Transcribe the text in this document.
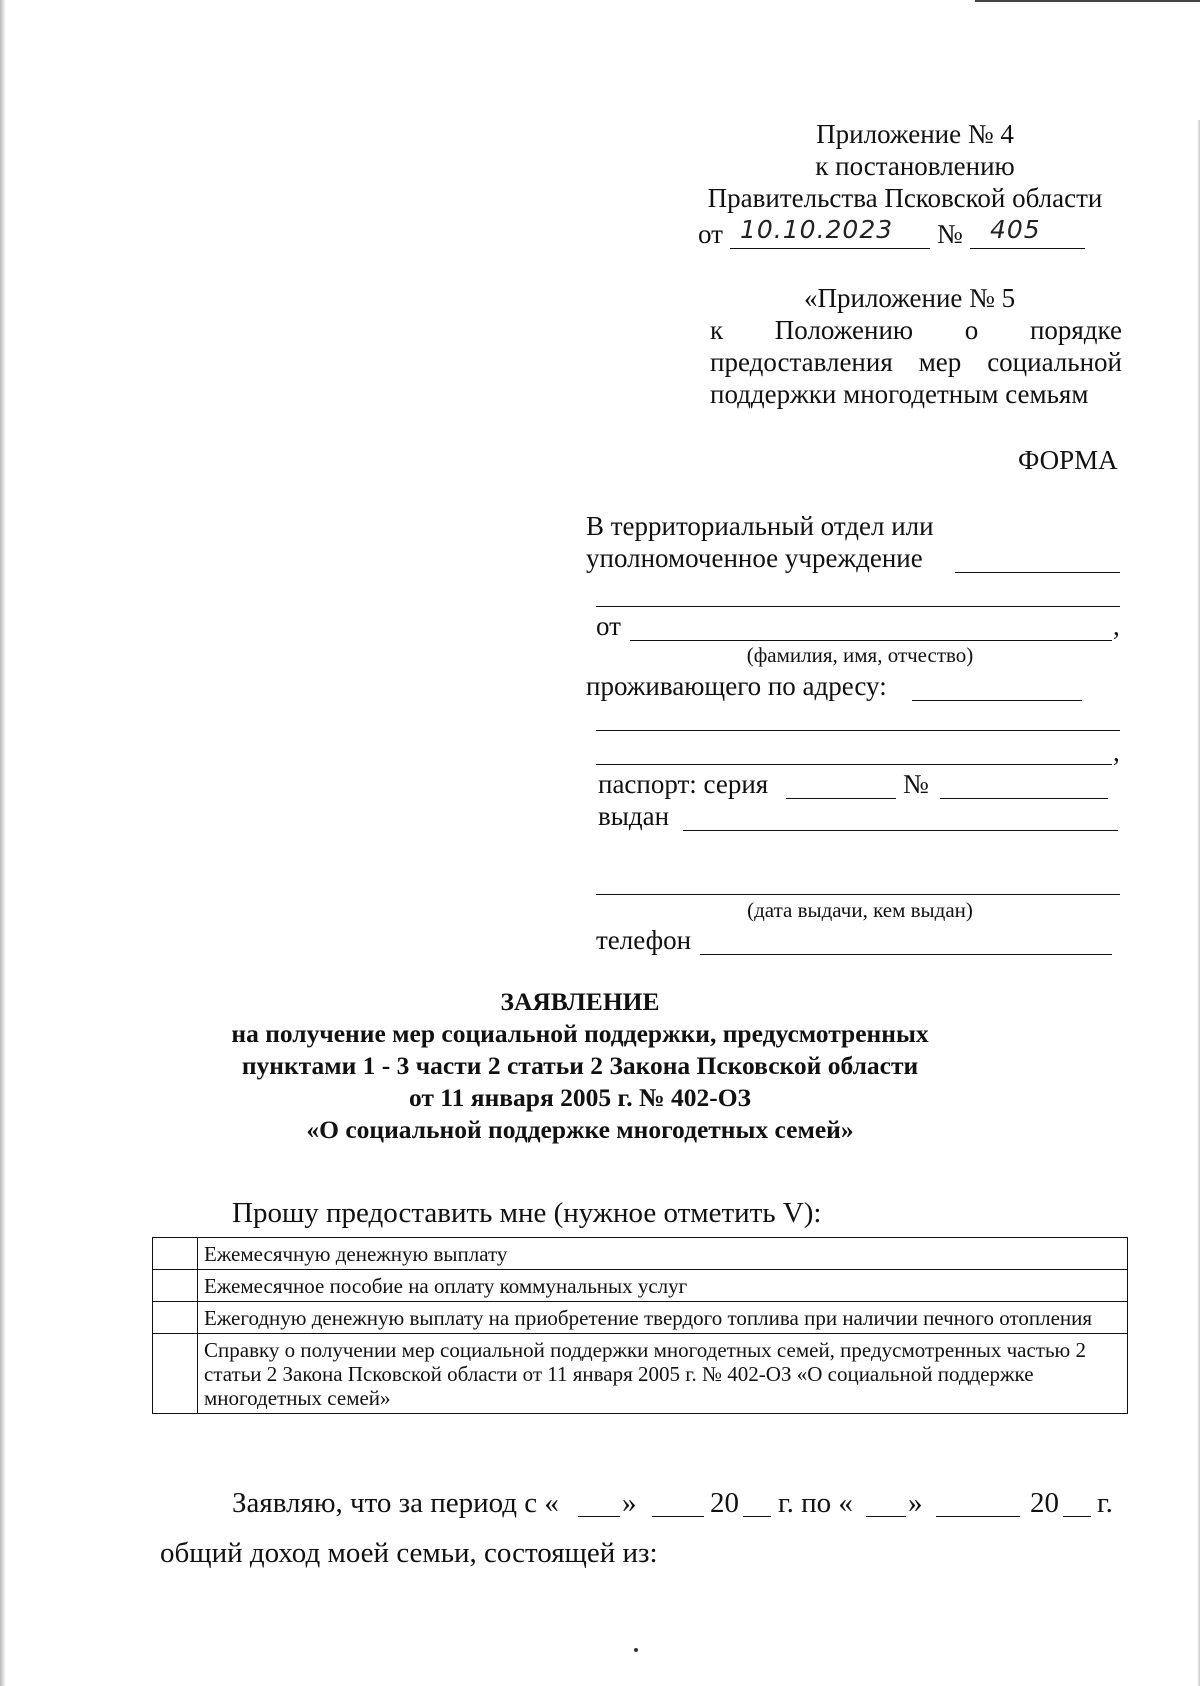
Приложение № 4
к постановлению
Правительства Псковской области
от 10.10.2023 № 405
«Приложение № 5
к Положению о порядке
предоставления мер социальной
поддержки многодетным семьям
ФОРМА
В территориальный отдел или
уполномоченное учреждение
от	,
(фамилия, имя, отчество)
проживающего по адресу:
,
паспорт: серия	№
выдан
(дата выдачи, кем выдан)
телефон
ЗАЯВЛЕНИЕ
на получение мер социальной поддержки, предусмотренных
пунктами 1 - 3 части 2 статьи 2 Закона Псковской области
от 11 января 2005 г. № 402-ОЗ
«О социальной поддержке многодетных семей»
Прошу предоставить мне (нужное отметить V):
	Ежемесячную денежную выплату
	Ежемесячное пособие на оплату коммунальных услуг
	Ежегодную денежную выплату на приобретение твердого топлива при наличии печного отопления
	Справку о получении мер социальной поддержки многодетных семей, предусмотренных частью 2 статьи 2 Закона Псковской области от 11 января 2005 г. № 402-ОЗ «О социальной поддержке многодетных семей»
Заявляю, что за период с « »	20 г. по « »	20 г.
общий доход моей семьи, состоящей из:
